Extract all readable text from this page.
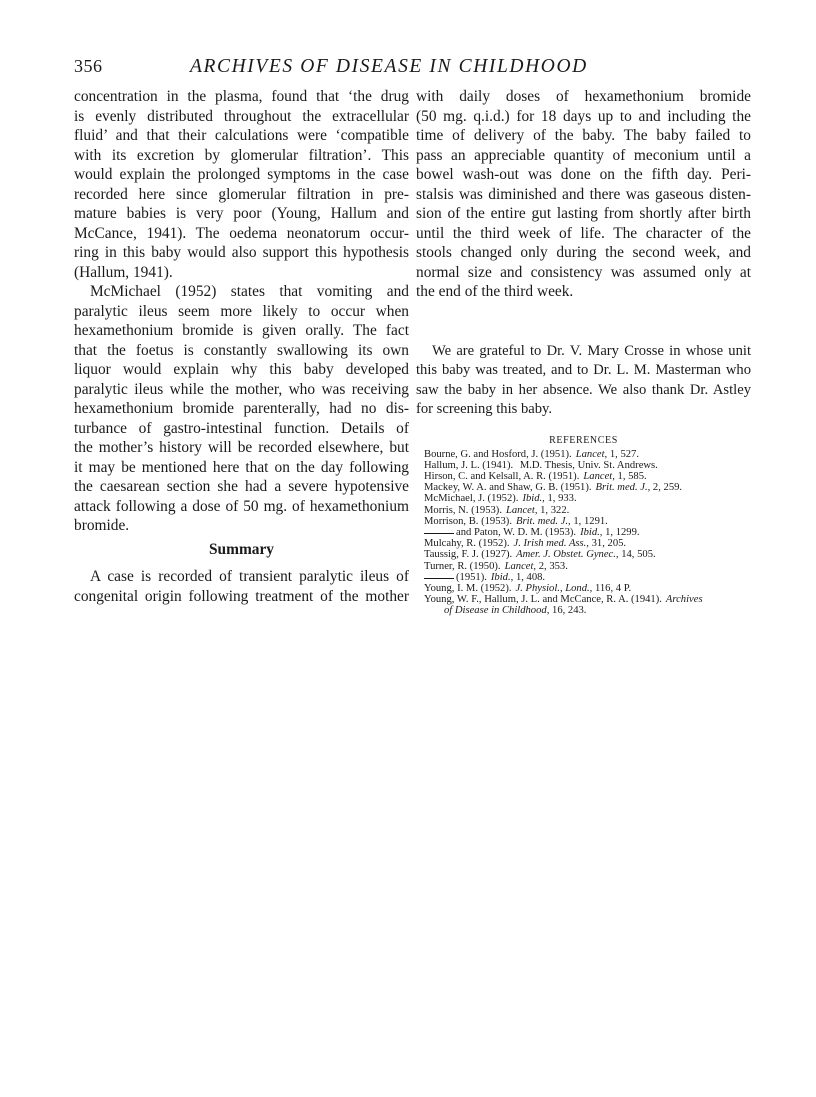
356	ARCHIVES OF DISEASE IN CHILDHOOD
concentration in the plasma, found that ‘the drug
is evenly distributed throughout the extracellular
fluid’ and that their calculations were ‘compatible
with its excretion by glomerular filtration’. This
would explain the prolonged symptoms in the case
recorded here since glomerular filtration in pre-
mature babies is very poor (Young, Hallum and
McCance, 1941). The oedema neonatorum occur-
ring in this baby would also support this hypothesis
(Hallum, 1941).
McMichael (1952) states that vomiting and
paralytic ileus seem more likely to occur when
hexamethonium bromide is given orally. The fact
that the foetus is constantly swallowing its own
liquor would explain why this baby developed
paralytic ileus while the mother, who was receiving
hexamethonium bromide parenterally, had no dis-
turbance of gastro-intestinal function. Details of
the mother’s history will be recorded elsewhere, but
it may be mentioned here that on the day following
the caesarean section she had a severe hypotensive
attack following a dose of 50 mg. of hexamethonium
bromide.
Summary
A case is recorded of transient paralytic ileus of
congenital origin following treatment of the mother
with daily doses of hexamethonium bromide
(50 mg. q.i.d.) for 18 days up to and including the
time of delivery of the baby. The baby failed to
pass an appreciable quantity of meconium until a
bowel wash-out was done on the fifth day. Peri-
stalsis was diminished and there was gaseous disten-
sion of the entire gut lasting from shortly after birth
until the third week of life. The character of the
stools changed only during the second week, and
normal size and consistency was assumed only at
the end of the third week.
We are grateful to Dr. V. Mary Crosse in whose unit
this baby was treated, and to Dr. L. M. Masterman who
saw the baby in her absence. We also thank Dr. Astley
for screening this baby.
REFERENCES
Bourne, G. and Hosford, J. (1951). Lancet, 1, 527.
Hallum, J. L. (1941). M.D. Thesis, Univ. St. Andrews.
Hirson, C. and Kelsall, A. R. (1951). Lancet, 1, 585.
Mackey, W. A. and Shaw, G. B. (1951). Brit. med. J., 2, 259.
McMichael, J. (1952). Ibid., 1, 933.
Morris, N. (1953). Lancet, 1, 322.
Morrison, B. (1953). Brit. med. J., 1, 1291.
and Paton, W. D. M. (1953). Ibid., 1, 1299.
Mulcahy, R. (1952). J. Irish med. Ass., 31, 205.
Taussig, F. J. (1927). Amer. J. Obstet. Gynec., 14, 505.
Turner, R. (1950). Lancet, 2, 353.
(1951). Ibid., 1, 408.
Young, I. M. (1952). J. Physiol., Lond., 116, 4 P.
Young, W. F., Hallum, J. L. and McCance, R. A. (1941). Archives
of Disease in Childhood, 16, 243.
